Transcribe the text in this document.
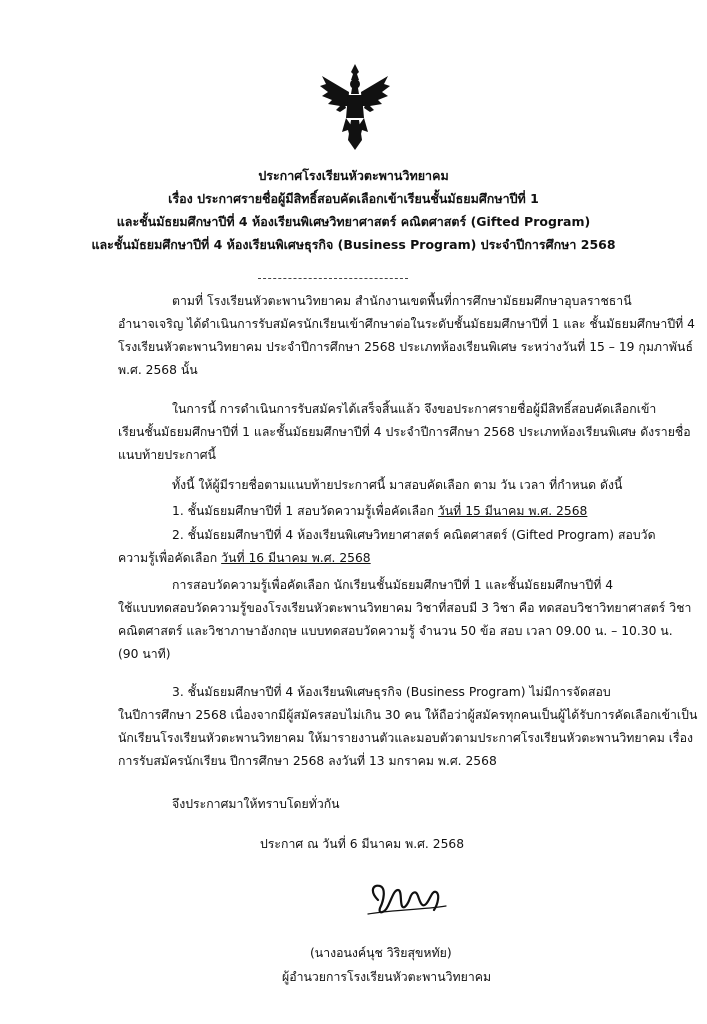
ประกาศโรงเรียนหัวตะพานวิทยาคม
เรื่อง ประกาศรายชื่อผู้มีสิทธิ์สอบคัดเลือกเข้าเรียนชั้นมัธยมศึกษาปีที่ 1
และชั้นมัธยมศึกษาปีที่ 4 ห้องเรียนพิเศษวิทยาศาสตร์ คณิตศาสตร์ (Gifted Program)
และชั้นมัธยมศึกษาปีที่ 4 ห้องเรียนพิเศษธุรกิจ (Business Program) ประจำปีการศึกษา 2568
ตามที่ โรงเรียนหัวตะพานวิทยาคม สำนักงานเขตพื้นที่การศึกษามัธยมศึกษาอุบลราชธานี
อำนาจเจริญ ได้ดำเนินการรับสมัครนักเรียนเข้าศึกษาต่อในระดับชั้นมัธยมศึกษาปีที่ 1 และ ชั้นมัธยมศึกษาปีที่ 4
โรงเรียนหัวตะพานวิทยาคม ประจำปีการศึกษา 2568 ประเภทห้องเรียนพิเศษ ระหว่างวันที่ 15 – 19 กุมภาพันธ์
พ.ศ. 2568 นั้น
ในการนี้ การดำเนินการรับสมัครได้เสร็จสิ้นแล้ว จึงขอประกาศรายชื่อผู้มีสิทธิ์สอบคัดเลือกเข้า
เรียนชั้นมัธยมศึกษาปีที่ 1 และชั้นมัธยมศึกษาปีที่ 4 ประจำปีการศึกษา 2568 ประเภทห้องเรียนพิเศษ ดังรายชื่อ
แนบท้ายประกาศนี้
ทั้งนี้ ให้ผู้มีรายชื่อตามแนบท้ายประกาศนี้ มาสอบคัดเลือก ตาม วัน เวลา ที่กำหนด ดังนี้
1. ชั้นมัธยมศึกษาปีที่ 1 สอบวัดความรู้เพื่อคัดเลือก วันที่ 15 มีนาคม พ.ศ. 2568
2. ชั้นมัธยมศึกษาปีที่ 4 ห้องเรียนพิเศษวิทยาศาสตร์ คณิตศาสตร์ (Gifted Program) สอบวัด
ความรู้เพื่อคัดเลือก วันที่ 16 มีนาคม พ.ศ. 2568
การสอบวัดความรู้เพื่อคัดเลือก นักเรียนชั้นมัธยมศึกษาปีที่ 1 และชั้นมัธยมศึกษาปีที่ 4
ใช้แบบทดสอบวัดความรู้ของโรงเรียนหัวตะพานวิทยาคม วิชาที่สอบมี 3 วิชา คือ ทดสอบวิชาวิทยาศาสตร์ วิชา
คณิตศาสตร์ และวิชาภาษาอังกฤษ แบบทดสอบวัดความรู้ จำนวน 50 ข้อ สอบ เวลา 09.00 น. – 10.30 น.
(90 นาที)
3. ชั้นมัธยมศึกษาปีที่ 4 ห้องเรียนพิเศษธุรกิจ (Business Program) ไม่มีการจัดสอบ
ในปีการศึกษา 2568 เนื่องจากมีผู้สมัครสอบไม่เกิน 30 คน ให้ถือว่าผู้สมัครทุกคนเป็นผู้ได้รับการคัดเลือกเข้าเป็น
นักเรียนโรงเรียนหัวตะพานวิทยาคม ให้มารายงานตัวและมอบตัวตามประกาศโรงเรียนหัวตะพานวิทยาคม เรื่อง
การรับสมัครนักเรียน ปีการศึกษา 2568 ลงวันที่ 13 มกราคม พ.ศ. 2568
จึงประกาศมาให้ทราบโดยทั่วกัน
ประกาศ ณ วันที่ 6 มีนาคม พ.ศ. 2568
(นางอนงค์นุช วิริยสุขหทัย)
ผู้อำนวยการโรงเรียนหัวตะพานวิทยาคม
